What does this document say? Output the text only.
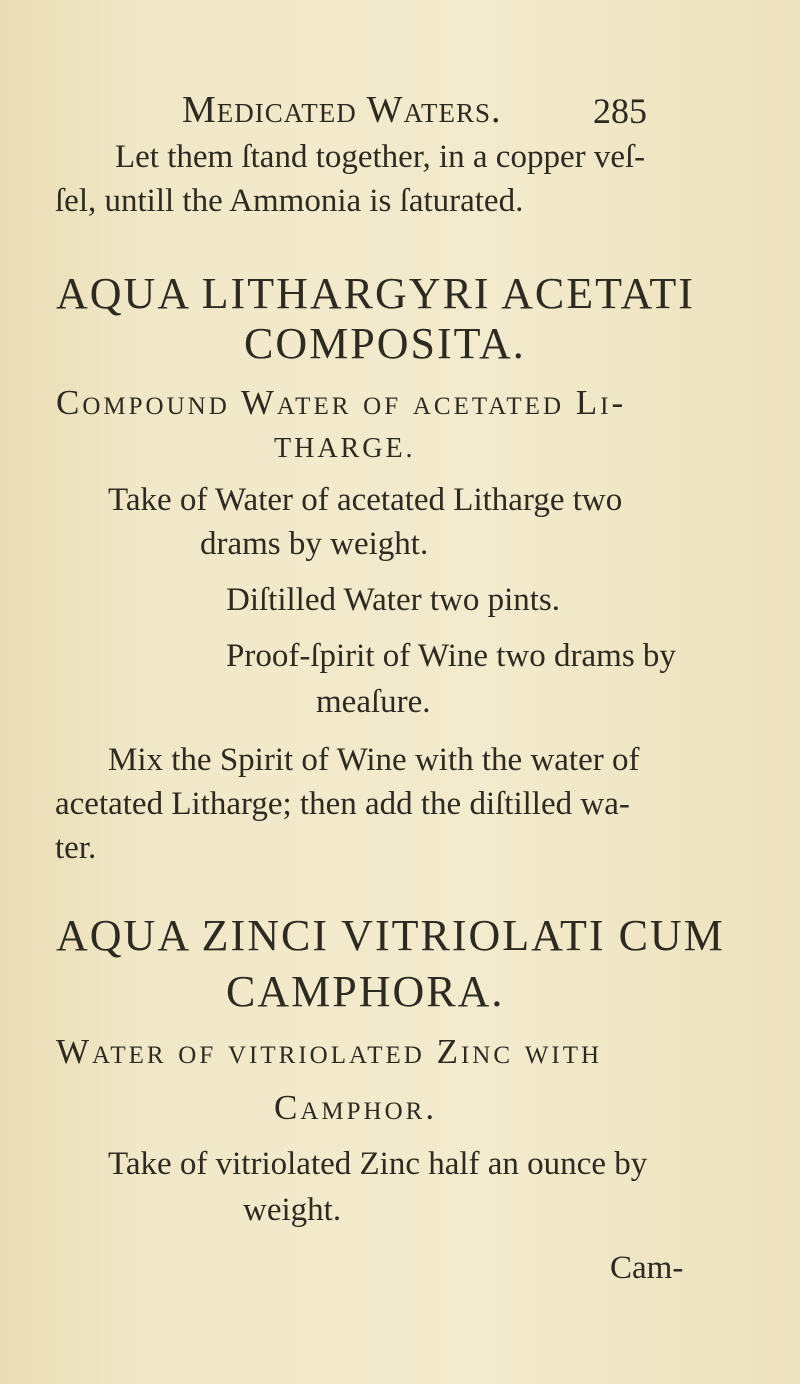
Medicated Waters.	285
Let them ſtand together, in a copper veſ-
ſel, untill the Ammonia is ſaturated.
AQUA LITHARGYRI ACETATI
COMPOSITA.
Compound Water of acetated Li-
THARGE.
Take of Water of acetated Litharge two
drams by weight.
Diſtilled Water two pints.
Proof-ſpirit of Wine two drams by
meaſure.
Mix the Spirit of Wine with the water of
acetated Litharge; then add the diſtilled wa-
ter.
AQUA ZINCI VITRIOLATI CUM
CAMPHORA.
Water of vitriolated Zinc with
Camphor.
Take of vitriolated Zinc half an ounce by
weight.
Cam-
